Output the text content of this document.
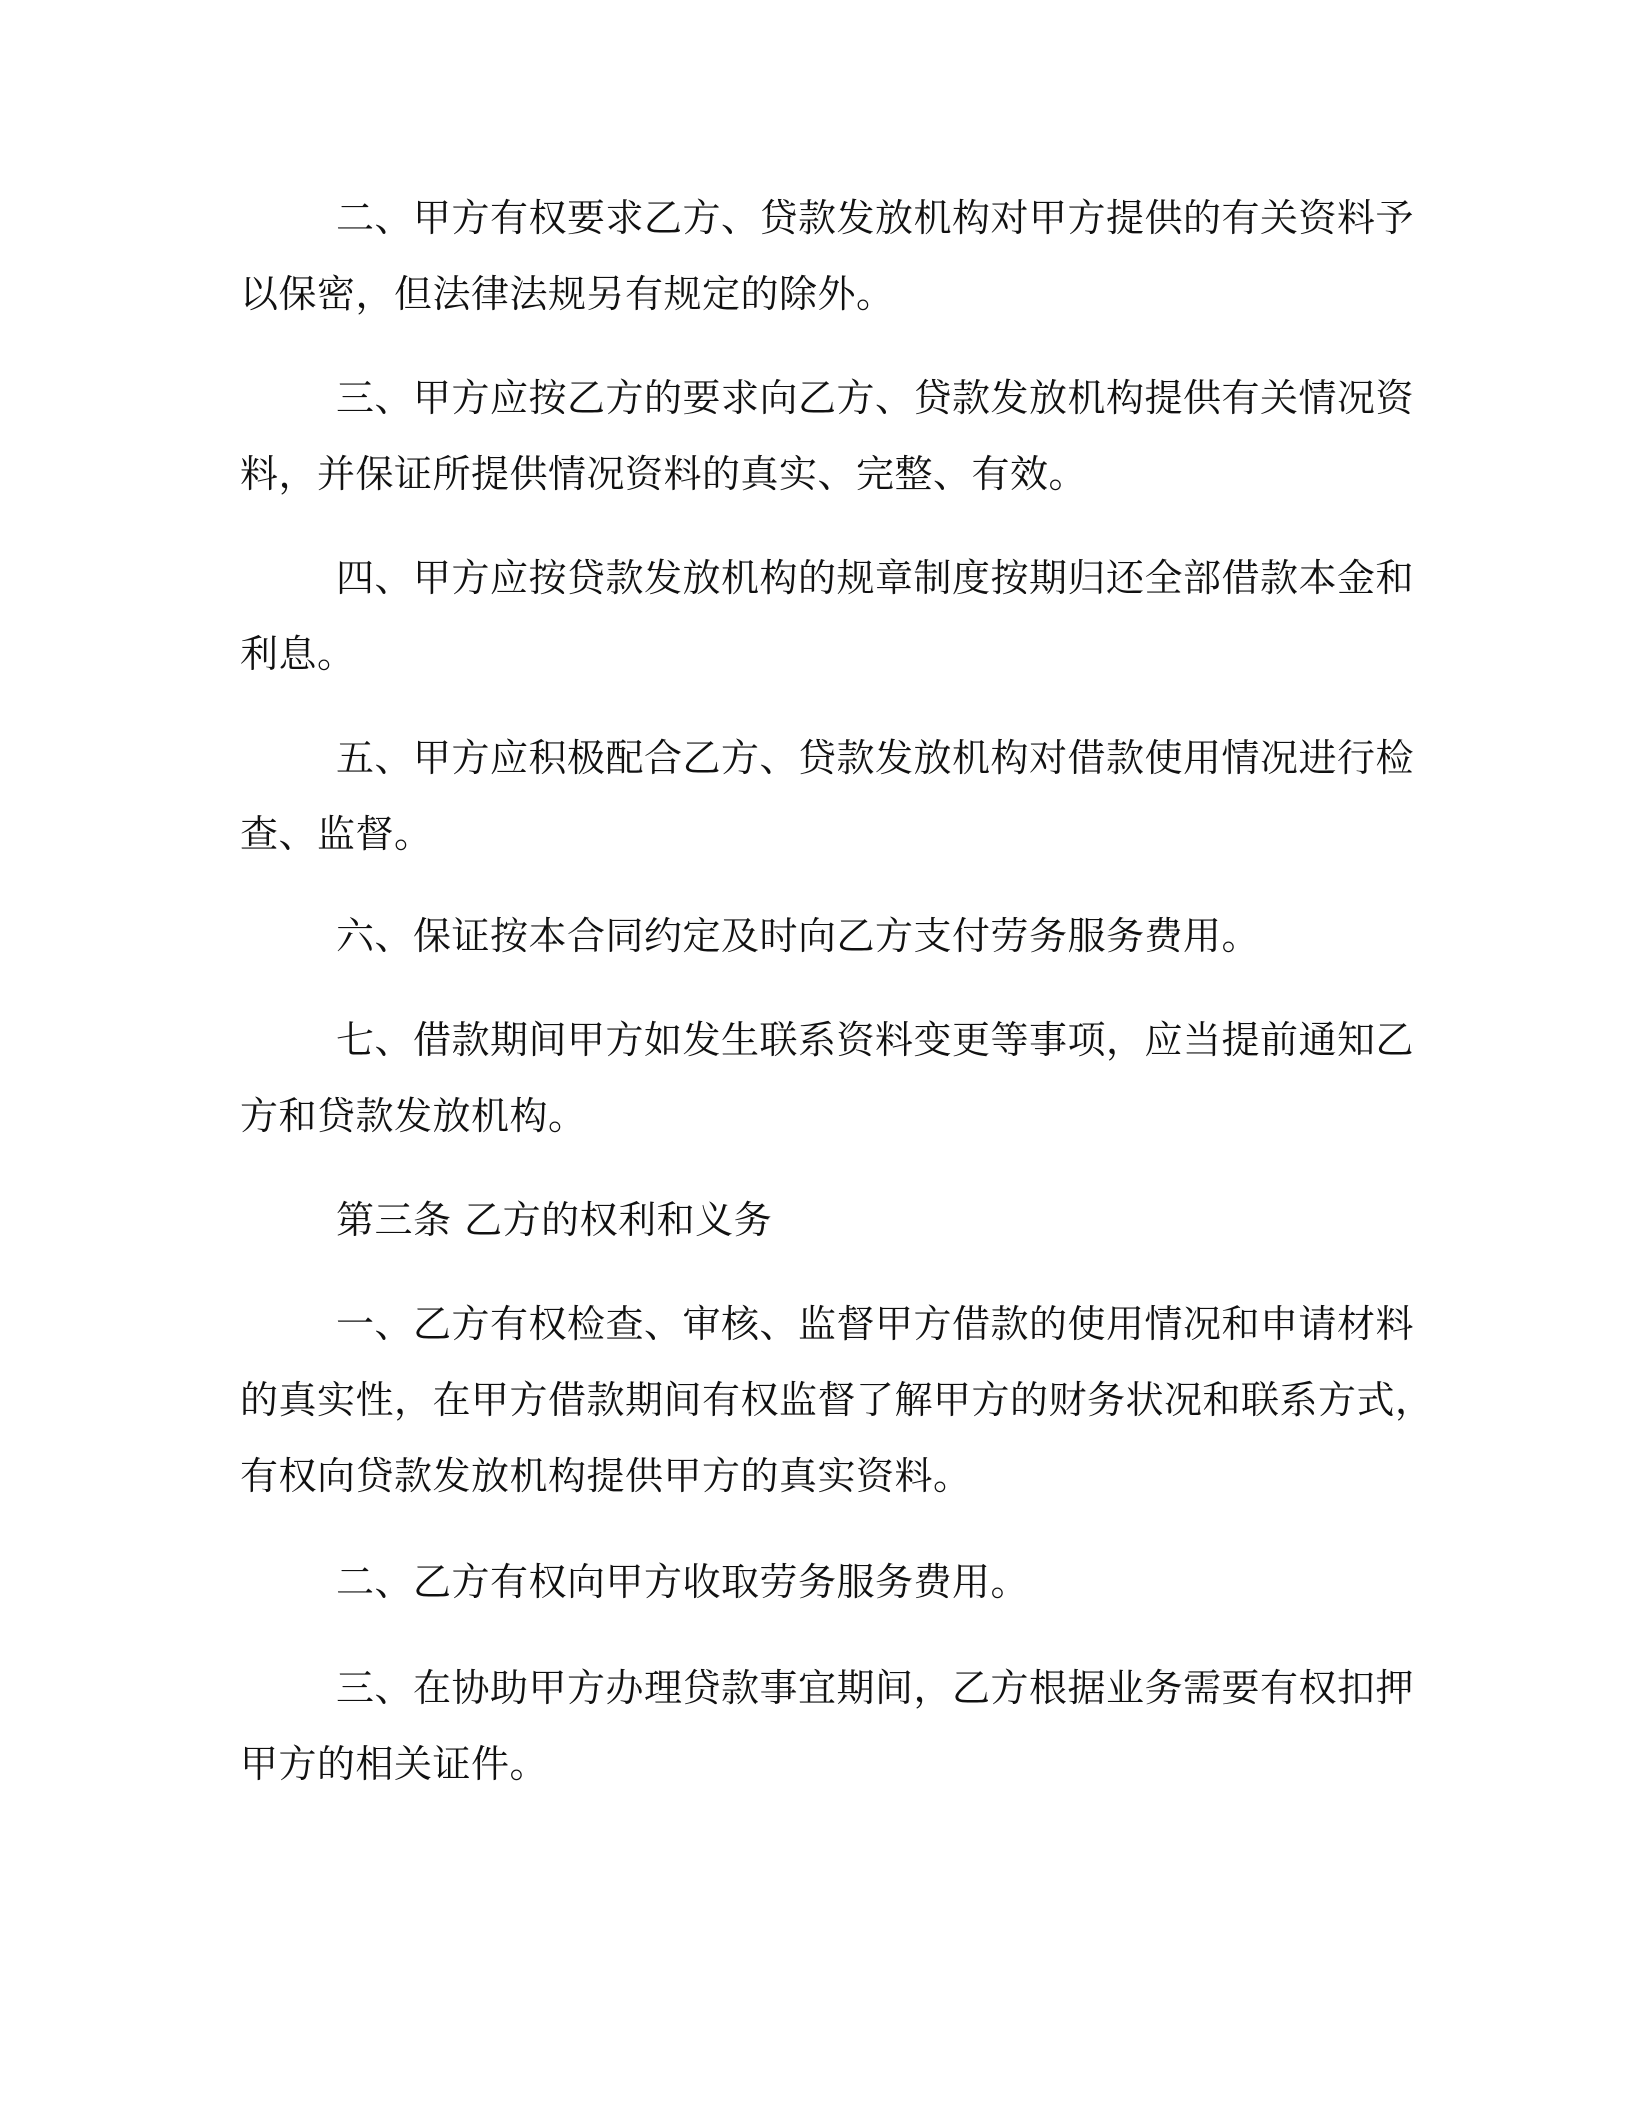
二、甲方有权要求乙方、贷款发放机构对甲方提供的有关资料予
以保密，但法律法规另有规定的除外。

三、甲方应按乙方的要求向乙方、贷款发放机构提供有关情况资
料，并保证所提供情况资料的真实、完整、有效。

四、甲方应按贷款发放机构的规章制度按期归还全部借款本金和
利息。

五、甲方应积极配合乙方、贷款发放机构对借款使用情况进行检
查、监督。

六、保证按本合同约定及时向乙方支付劳务服务费用。

七、借款期间甲方如发生联系资料变更等事项，应当提前通知乙
方和贷款发放机构。

第三条 乙方的权利和义务

一、乙方有权检查、审核、监督甲方借款的使用情况和申请材料
的真实性，在甲方借款期间有权监督了解甲方的财务状况和联系方式，
有权向贷款发放机构提供甲方的真实资料。

二、乙方有权向甲方收取劳务服务费用。

三、在协助甲方办理贷款事宜期间，乙方根据业务需要有权扣押
甲方的相关证件。
